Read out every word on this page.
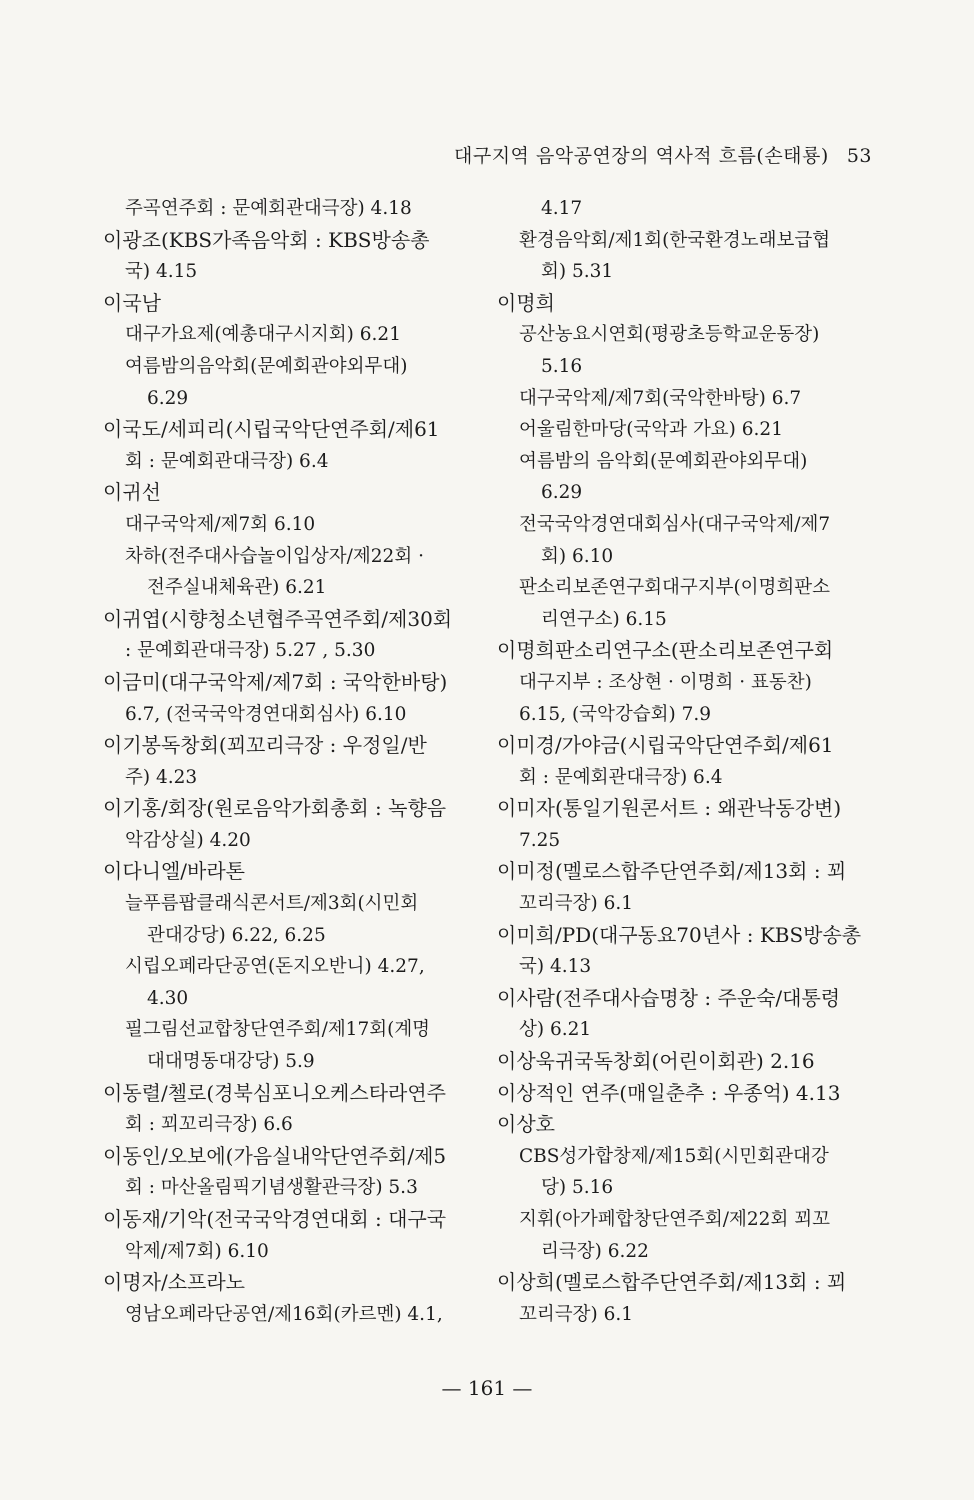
대구지역 음악공연장의 역사적 흐름(손태룡) 53
주곡연주회 : 문예회관대극장) 4.18
이광조(KBS가족음악회 : KBS방송총
국) 4.15
이국남
대구가요제(예총대구시지회) 6.21
여름밤의음악회(문예회관야외무대)
6.29
이국도/세피리(시립국악단연주회/제61
회 : 문예회관대극장) 6.4
이귀선
대구국악제/제7회 6.10
차하(전주대사습놀이입상자/제22회 ·
전주실내체육관) 6.21
이귀엽(시향청소년협주곡연주회/제30회
: 문예회관대극장) 5.27 , 5.30
이금미(대구국악제/제7회 : 국악한바탕)
6.7, (전국국악경연대회심사) 6.10
이기봉독창회(꾀꼬리극장 : 우정일/반
주) 4.23
이기홍/회장(원로음악가회총회 : 녹향음
악감상실) 4.20
이다니엘/바라톤
늘푸름팝클래식콘서트/제3회(시민회
관대강당) 6.22, 6.25
시립오페라단공연(돈지오반니) 4.27,
4.30
필그림선교합창단연주회/제17회(계명
대대명동대강당) 5.9
이동렬/첼로(경북심포니오케스타라연주
회 : 꾀꼬리극장) 6.6
이동인/오보에(가음실내악단연주회/제5
회 : 마산올림픽기념생활관극장) 5.3
이동재/기악(전국국악경연대회 : 대구국
악제/제7회) 6.10
이명자/소프라노
영남오페라단공연/제16회(카르멘) 4.1,
4.17
환경음악회/제1회(한국환경노래보급협
회) 5.31
이명희
공산농요시연회(평광초등학교운동장)
5.16
대구국악제/제7회(국악한바탕) 6.7
어울림한마당(국악과 가요) 6.21
여름밤의 음악회(문예회관야외무대)
6.29
전국국악경연대회심사(대구국악제/제7
회) 6.10
판소리보존연구회대구지부(이명희판소
리연구소) 6.15
이명희판소리연구소(판소리보존연구회
대구지부 : 조상현 · 이명희 · 표동찬)
6.15, (국악강습회) 7.9
이미경/가야금(시립국악단연주회/제61
회 : 문예회관대극장) 6.4
이미자(통일기원콘서트 : 왜관낙동강변)
7.25
이미정(멜로스합주단연주회/제13회 : 꾀
꼬리극장) 6.1
이미희/PD(대구동요70년사 : KBS방송총
국) 4.13
이사람(전주대사습명창 : 주운숙/대통령
상) 6.21
이상욱귀국독창회(어린이회관) 2.16
이상적인 연주(매일춘추 : 우종억) 4.13
이상호
CBS성가합창제/제15회(시민회관대강
당) 5.16
지휘(아가페합창단연주회/제22회 꾀꼬
리극장) 6.22
이상희(멜로스합주단연주회/제13회 : 꾀
꼬리극장) 6.1
— 161 —
